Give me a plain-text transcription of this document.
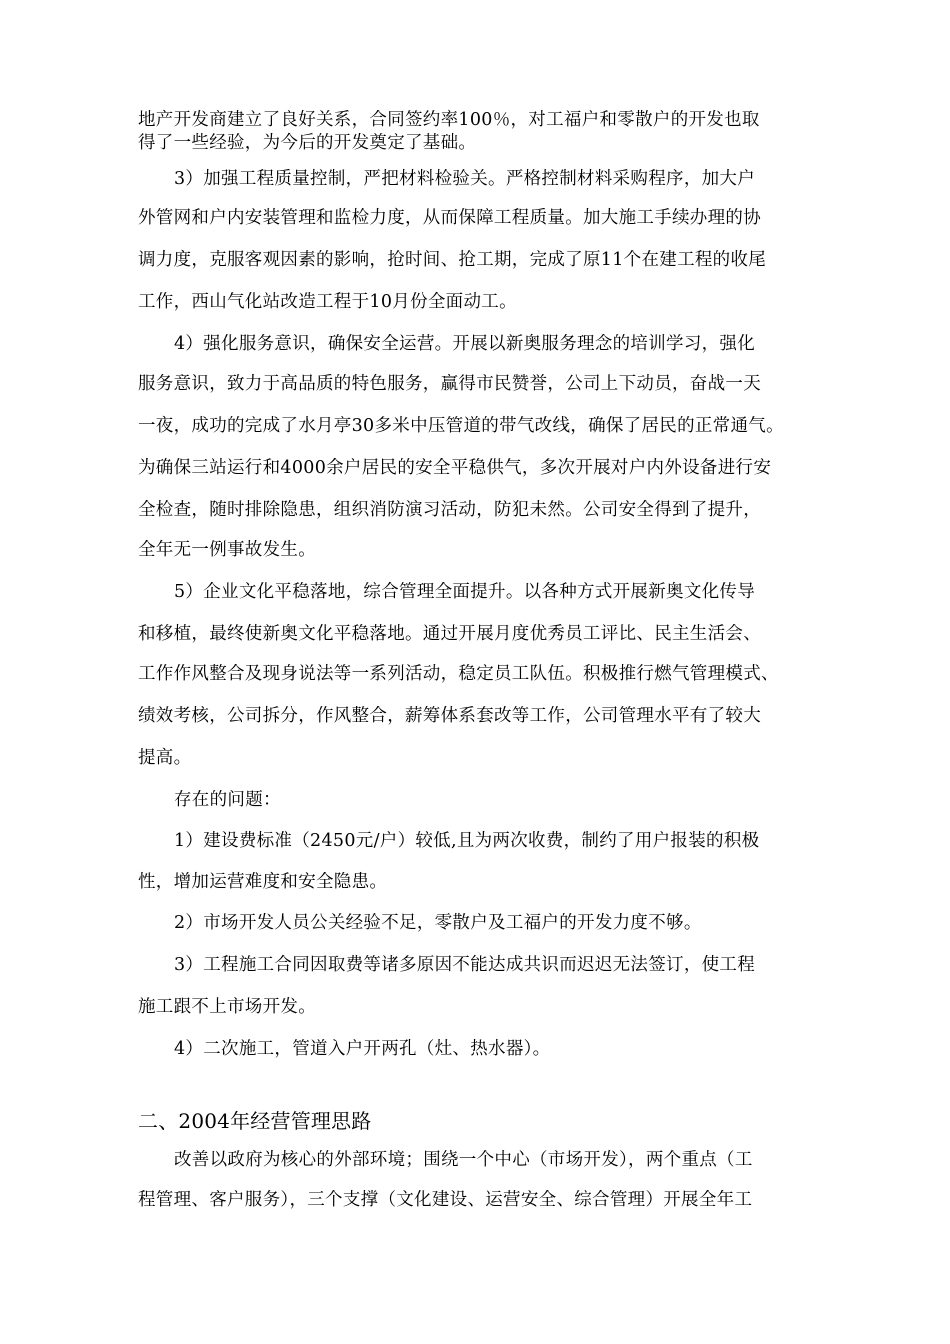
地产开发商建立了良好关系，合同签约率100％，对工福户和零散户的开发也取
得了一些经验，为今后的开发奠定了基础。
3）加强工程质量控制，严把材料检验关。严格控制材料采购程序，加大户
外管网和户内安装管理和监检力度，从而保障工程质量。加大施工手续办理的协
调力度，克服客观因素的影响，抢时间、抢工期，完成了原11个在建工程的收尾
工作，西山气化站改造工程于10月份全面动工。
4）强化服务意识，确保安全运营。开展以新奥服务理念的培训学习，强化
服务意识，致力于高品质的特色服务，赢得市民赞誉，公司上下动员，奋战一天
一夜，成功的完成了水月亭30多米中压管道的带气改线，确保了居民的正常通气。
为确保三站运行和4000余户居民的安全平稳供气，多次开展对户内外设备进行安
全检查，随时排除隐患，组织消防演习活动，防犯未然。公司安全得到了提升，
全年无一例事故发生。
5）企业文化平稳落地，综合管理全面提升。以各种方式开展新奥文化传导
和移植，最终使新奥文化平稳落地。通过开展月度优秀员工评比、民主生活会、
工作作风整合及现身说法等一系列活动，稳定员工队伍。积极推行燃气管理模式、
绩效考核，公司拆分，作风整合，薪筹体系套改等工作，公司管理水平有了较大
提高。
存在的问题：
1）建设费标准（2450元/户）较低,且为两次收费，制约了用户报装的积极
性，增加运营难度和安全隐患。
2）市场开发人员公关经验不足，零散户及工福户的开发力度不够。
3）工程施工合同因取费等诸多原因不能达成共识而迟迟无法签订，使工程
施工跟不上市场开发。
4）二次施工，管道入户开两孔（灶、热水器）。
二、2004年经营管理思路
改善以政府为核心的外部环境；围绕一个中心（市场开发），两个重点（工
程管理、客户服务），三个支撑（文化建设、运营安全、综合管理）开展全年工
